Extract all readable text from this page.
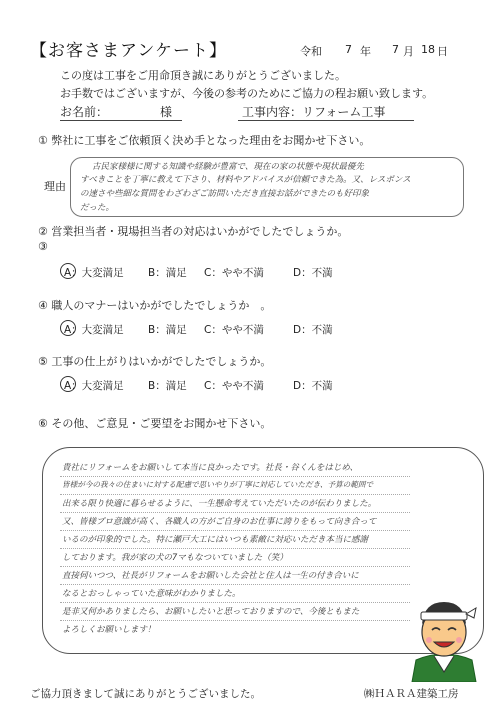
【お客さまアンケート】	令和 7 年 7 月 18 日
この度は工事をご用命頂き誠にありがとうございました。
お手数ではございますが、今後の参考のためにご協力の程お願い致します。
お名前：	様	工事内容：リフォーム工事
① 弊社に工事をご依頼頂く決め手となった理由をお聞かせ下さい。
理由
古民家様様に関する知識や経験が豊富で、現在の家の状態や現状最優先
すべきことを丁寧に教えて下さり、材料やアドバイスが信頼できた為。又、レスポンス
の速さや些細な質問をわざわざご訪問いただき直接お話ができたのも好印象
だった。
② 営業担当者・現場担当者の対応はいかがでしたでしょうか。
③
A：大変満足 B：満足 C：やや不満	D：不満
④ 職人のマナーはいかがでしたでしょうか　。
A：大変満足 B：満足 C：やや不満	D：不満
⑤ 工事の仕上がりはいかがでしたでしょうか。
A：大変満足 B：満足 C：やや不満	D：不満
⑥ その他、ご意見・ご要望をお聞かせ下さい。
貴社にリフォームをお願いして本当に良かったです。社長・谷くんをはじめ、
皆様が今の我々の住まいに対する配慮で思いやりが丁寧に対応していただき、予算の範囲で
出来る限り快適に暮らせるように、一生懸命考えていただいたのが伝わりました。
又、皆様プロ意識が高く、各職人の方がご自身のお仕事に誇りをもって向き合って
いるのが印象的でした。特に瀬戸大工にはいつも素敵に対応いただき本当に感謝
しております。我が家の犬の7マもなついていました（笑）
直接伺いつつ、社長がリフォームをお願いした会社と住人は一生の付き合いに
なるとおっしゃっていた意味がわかりました。
是非又何かありましたら、お願いしたいと思っておりますので、今後ともまた
よろしくお願いします！
ご協力頂きまして誠にありがとうございました。	㈱ＨＡＲＡ建築工房
